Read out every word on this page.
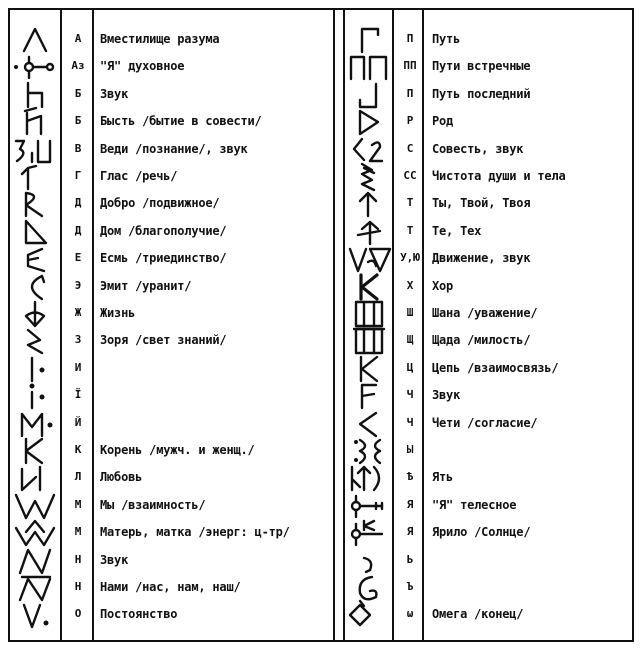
А	Вместилище разума
Аз	"Я" духовное
Б	Звук
Б	Бысть /бытие в совести/
В	Веди /познание/, звук
Г	Глас /речь/
Д	Добро /подвижное/
Д	Дом /благополучие/
Е	Есмь /триединство/
Э	Эмит /уранит/
Ж	Жизнь
З	Зоря /свет знаний/
И
Ї
Й
К	Корень /мужч. и женщ./
Л	Любовь
М	Мы /взаимность/
М	Матерь, матка /энерг: ц-тр/
Н	Звук
Н	Нами /нас, нам, наш/
О	Постоянство
П	Путь
ПП	Пути встречные
П	Путь последний
Р	Род
С	Совесть, звук
СС	Чистота души и тела
Т	Ты, Твой, Твоя
Т	Те, Тех
У,Ю	Движение, звук
Х	Хор
Ш	Шана /уважение/
Щ	Щада /милость/
Ц	Цепь /взаимосвязь/
Ч	Звук
Ч	Чети /согласие/
Ы
Ѣ	Ять
Я	"Я" телесное
Я	Ярило /Солнце/
Ь
Ъ
ω	Омега /конец/
